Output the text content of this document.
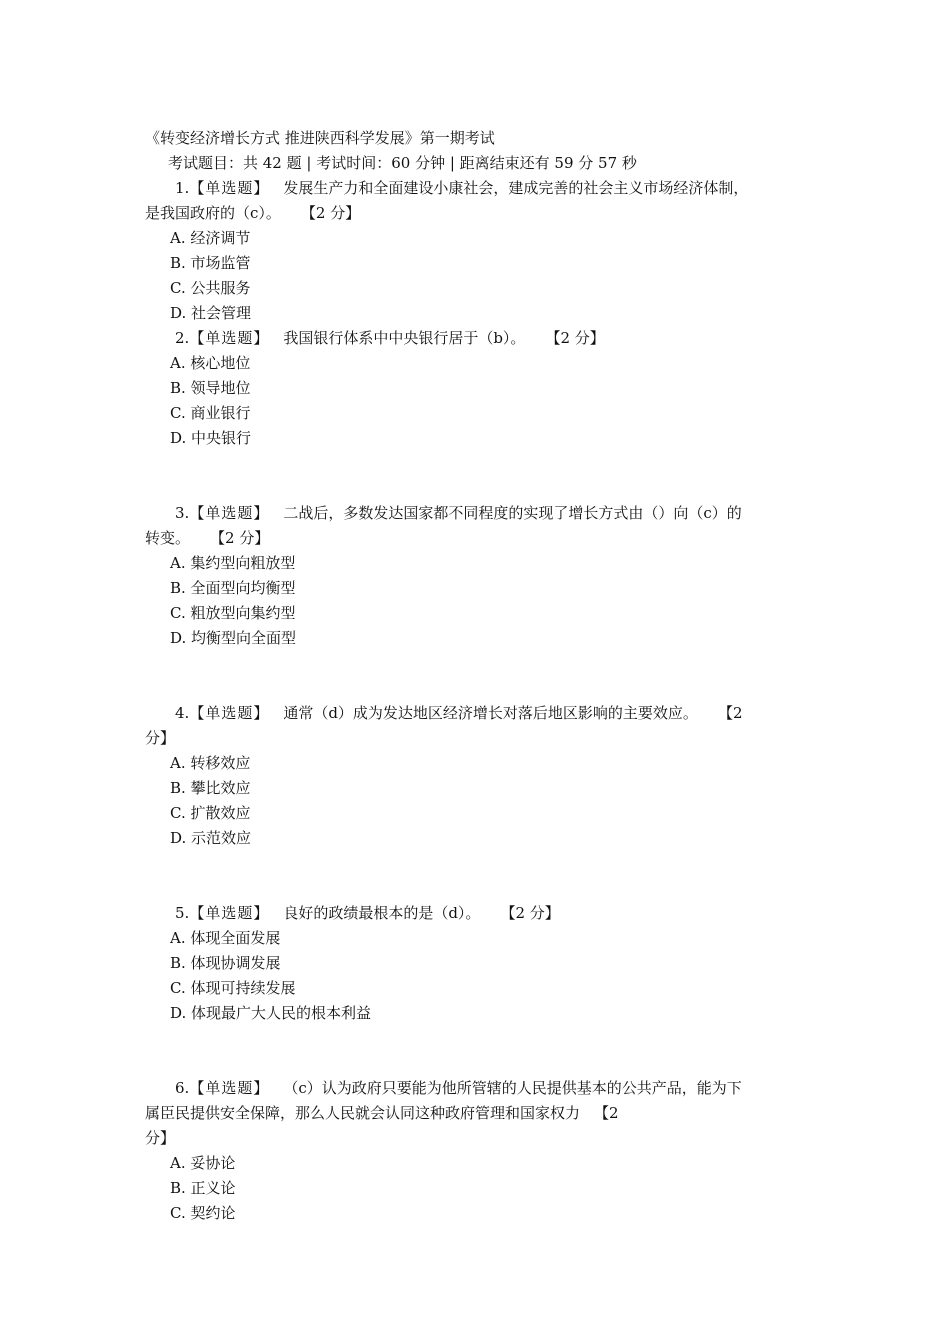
《转变经济增长方式 推进陕西科学发展》第一期考试
考试题目：共 42 题 | 考试时间：60 分钟 | 距离结束还有 59 分 57 秒
1.【单选题】 发展生产力和全面建设小康社会，建成完善的社会主义市场经济体制，
是我国政府的（c）。 【2 分】
A. 经济调节
B. 市场监管
C. 公共服务
D. 社会管理
2.【单选题】 我国银行体系中中央银行居于（b）。 【2 分】
A. 核心地位
B. 领导地位
C. 商业银行
D. 中央银行
3.【单选题】 二战后，多数发达国家都不同程度的实现了增长方式由（）向（c）的
转变。 【2 分】
A. 集约型向粗放型
B. 全面型向均衡型
C. 粗放型向集约型
D. 均衡型向全面型
4.【单选题】 通常（d）成为发达地区经济增长对落后地区影响的主要效应。 【2
分】
A. 转移效应
B. 攀比效应
C. 扩散效应
D. 示范效应
5.【单选题】 良好的政绩最根本的是（d）。 【2 分】
A. 体现全面发展
B. 体现协调发展
C. 体现可持续发展
D. 体现最广大人民的根本利益
6.【单选题】 （c）认为政府只要能为他所管辖的人民提供基本的公共产品，能为下
属臣民提供安全保障，那么人民就会认同这种政府管理和国家权力 【2
分】
A. 妥协论
B. 正义论
C. 契约论
